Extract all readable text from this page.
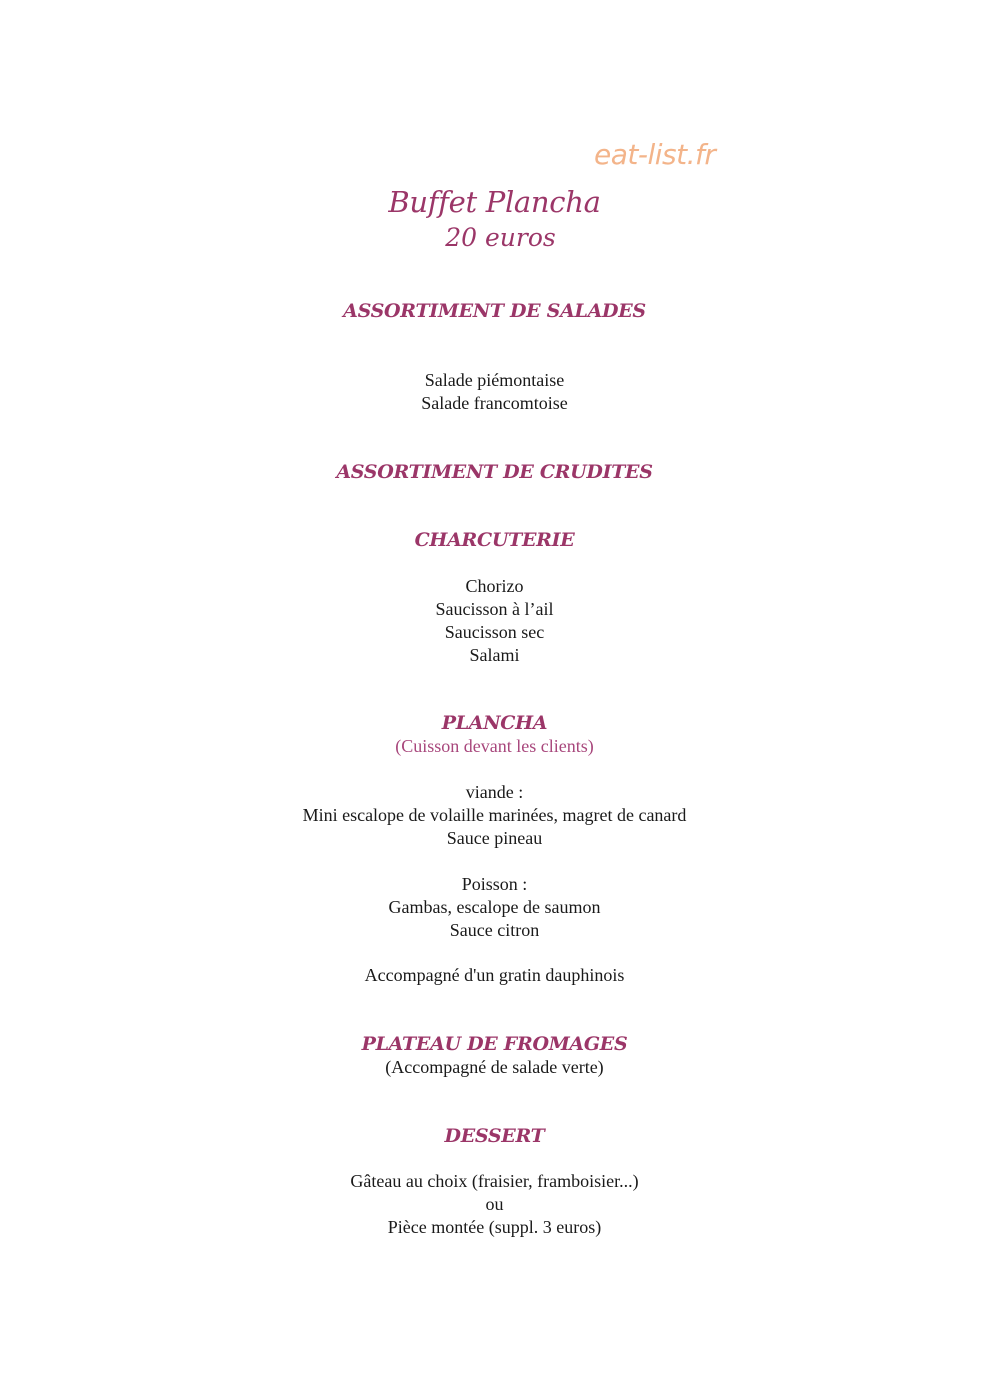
eat-list.fr
Buffet Plancha
20 euros
ASSORTIMENT DE SALADES
Salade piémontaise
Salade francomtoise
ASSORTIMENT DE CRUDITES
CHARCUTERIE
Chorizo
Saucisson à l’ail
Saucisson sec
Salami
PLANCHA
(Cuisson devant les clients)
viande :
Mini escalope de volaille marinées, magret de canard
Sauce pineau
Poisson :
Gambas, escalope de saumon
Sauce citron
Accompagné d'un gratin dauphinois
PLATEAU DE FROMAGES
(Accompagné de salade verte)
DESSERT
Gâteau au choix (fraisier, framboisier...)
ou
Pièce montée (suppl. 3 euros)
